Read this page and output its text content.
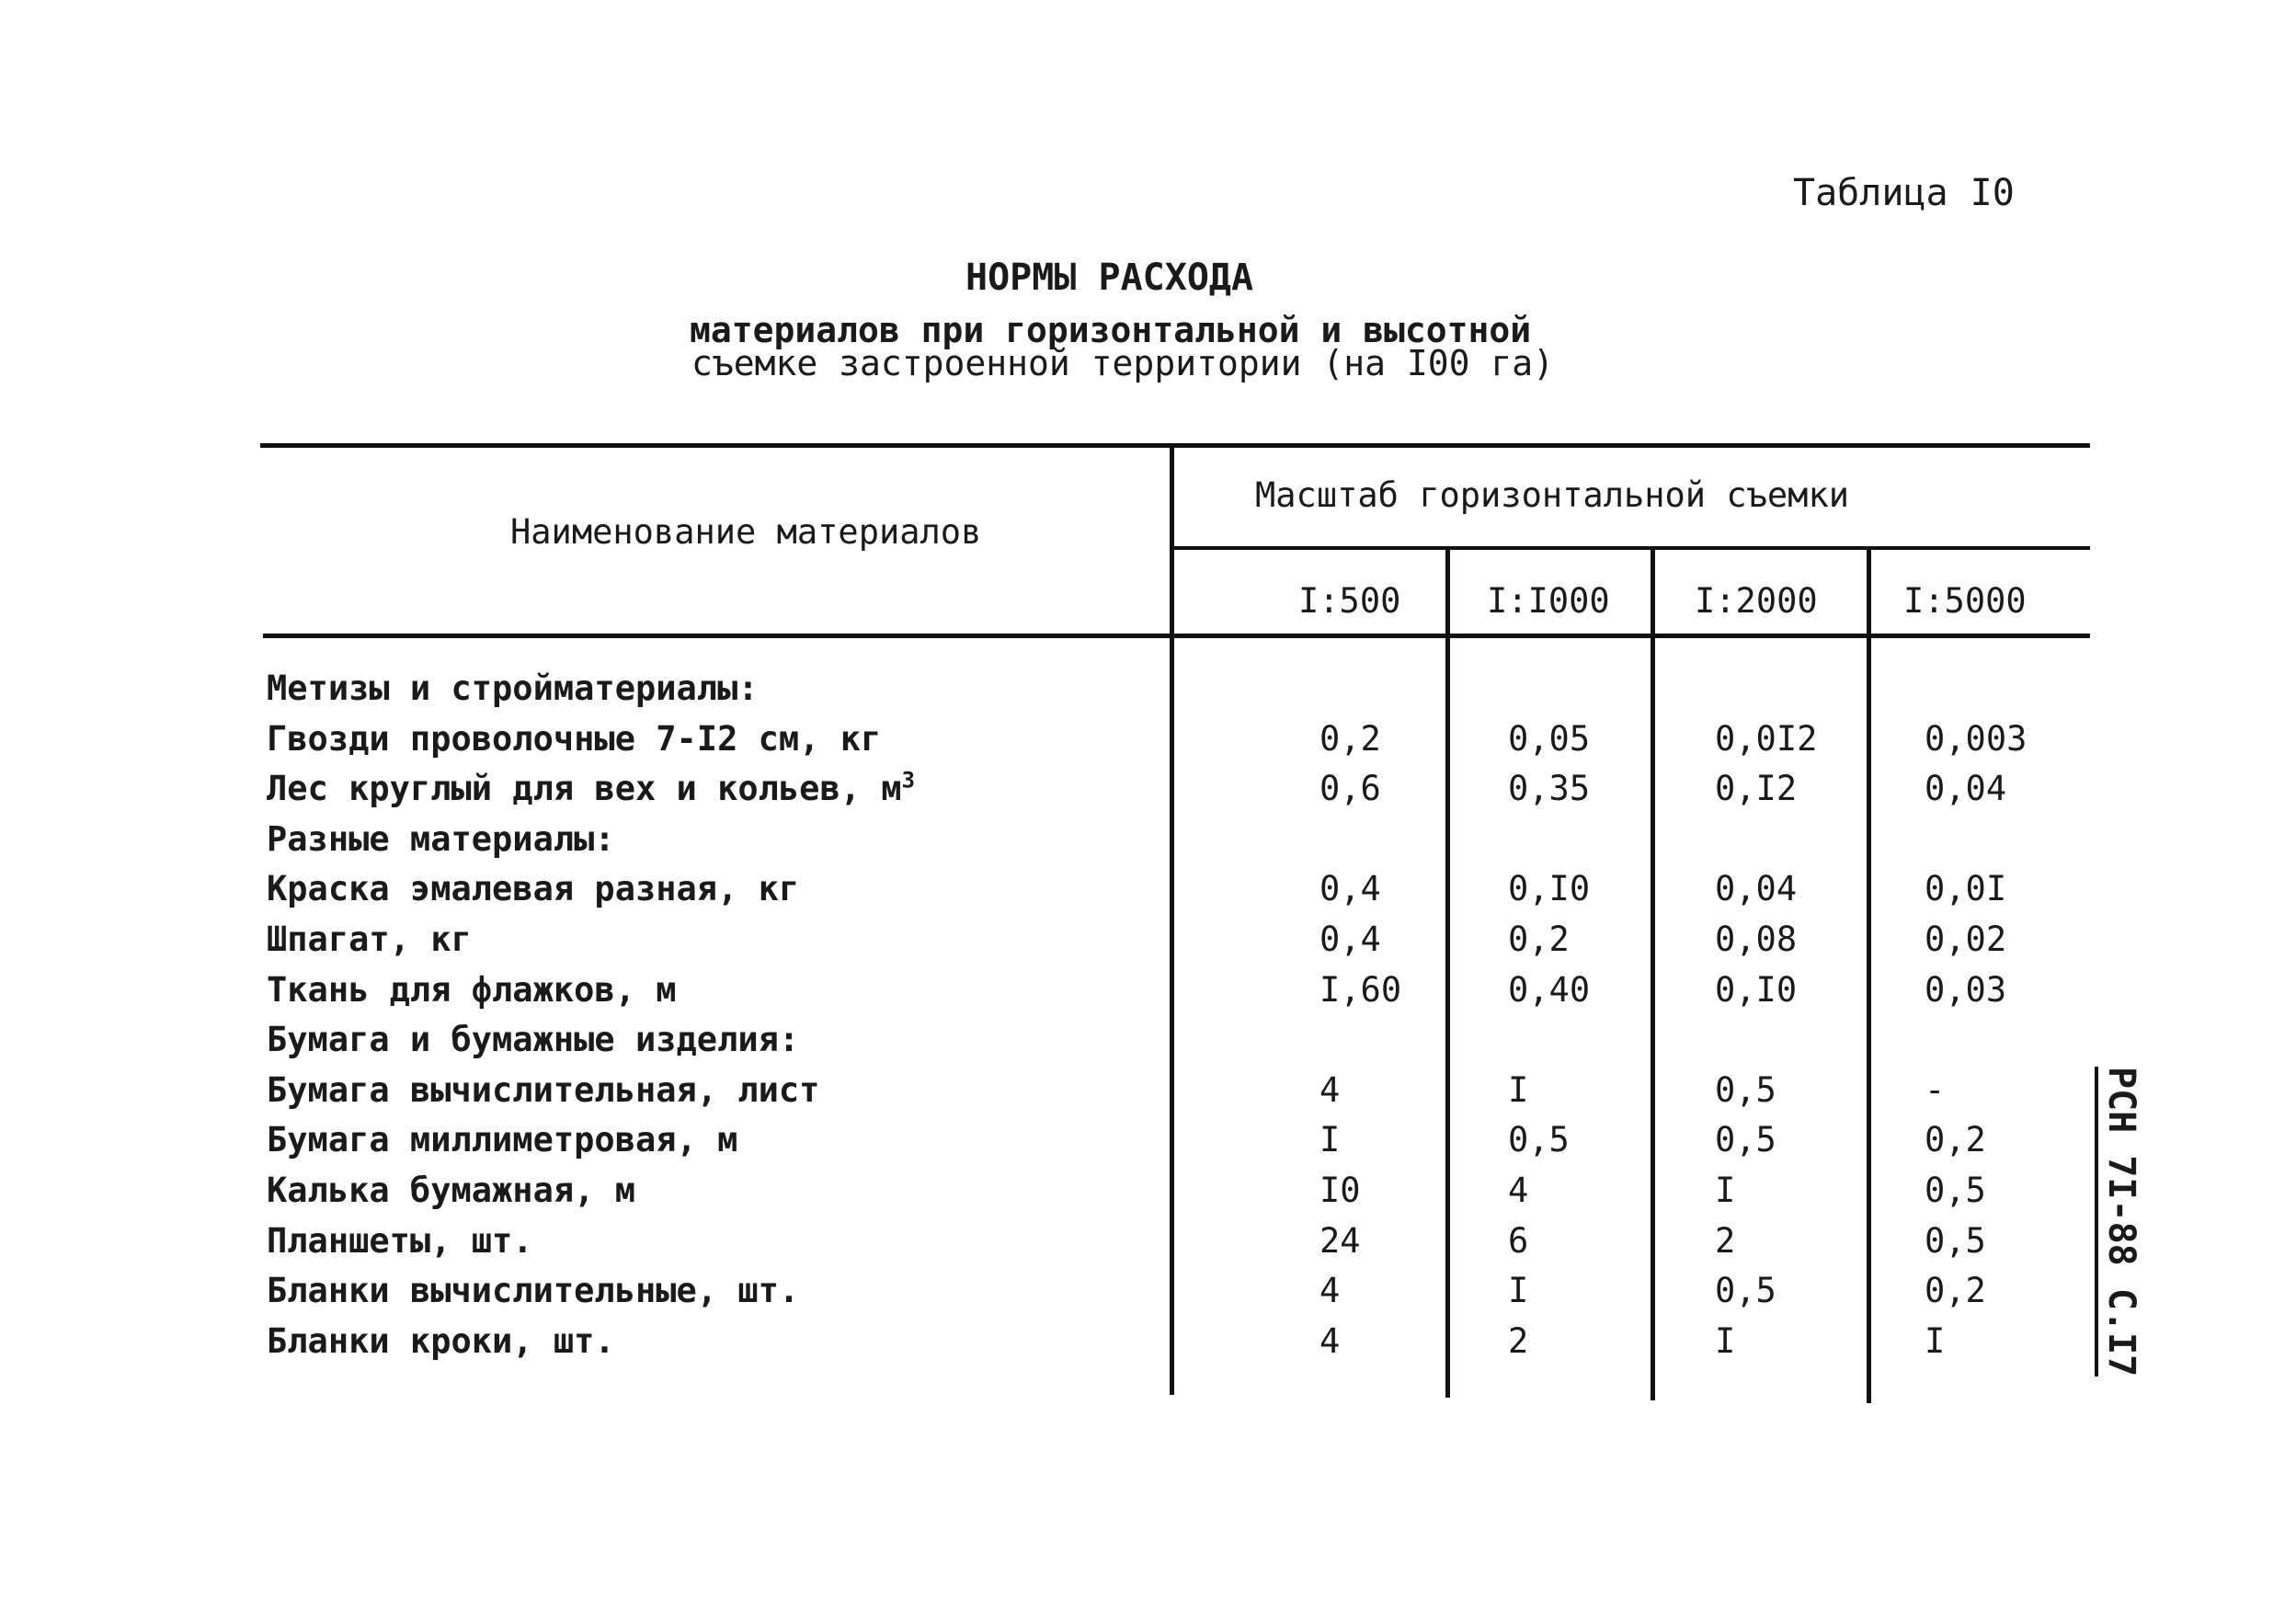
Таблица I0
НОРМЫ РАСХОДА
материалов при горизонтальной и высотной
съемке застроенной территории (на I00 га)
Наименование материалов
Масштаб горизонтальной съемки
I:500	I:I000 I:2000	I:5000
Метизы и стройматериалы:
Гвозди проволочные 7-I2 см, кг	0,2	0,05	0,0I2	0,003
Лес круглый для вех и кольев, $м^3$	0,6	0,35	0,I2	0,04
Разные материалы:
Краска эмалевая разная, кг	0,4	0,I0	0,04	0,0I
Шпагат, кг	0,4	0,2	0,08	0,02
Ткань для флажков, м	I,60	0,40	0,I0	0,03
Бумага и бумажные изделия:
Бумага вычислительная, лист	4	I	0,5	-
Бумага миллиметровая, м	I	0,5	0,5	0,2
Калька бумажная, м	I0	4	I	0,5
Планшеты, шт.	24	6	2	0,5
Бланки вычислительные, шт.	4	I	0,5	0,2
Бланки кроки, шт.	4	2	I	I	РСН 7I-88 С.I7
